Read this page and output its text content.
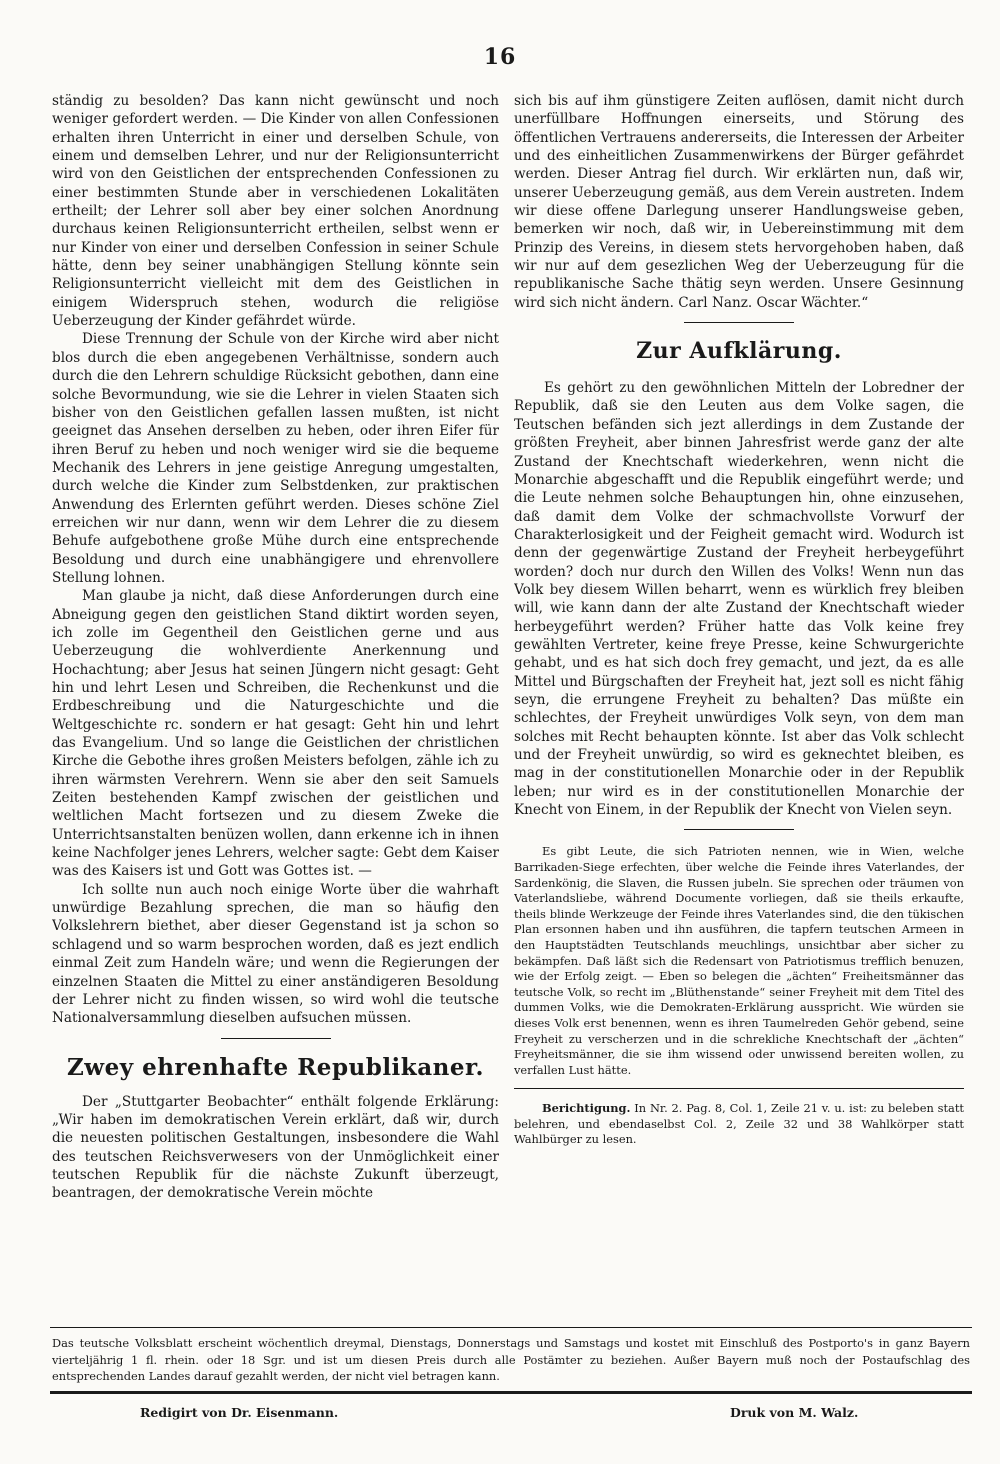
16

ständig zu besolden? Das kann nicht gewünscht und noch weniger gefordert werden. — Die Kinder von allen Confessionen erhalten ihren Unterricht in einer und derselben Schule, von einem und demselben Lehrer, und nur der Religionsunterricht wird von den Geistlichen der entsprechenden Confessionen zu einer bestimmten Stunde aber in verschiedenen Lokalitäten ertheilt; der Lehrer soll aber bey einer solchen Anordnung durchaus keinen Religionsunterricht ertheilen, selbst wenn er nur Kinder von einer und derselben Confession in seiner Schule hätte, denn bey seiner unabhängigen Stellung könnte sein Religionsunterricht vielleicht mit dem des Geistlichen in einigem Widerspruch stehen, wodurch die religiöse Ueberzeugung der Kinder gefährdet würde.

Diese Trennung der Schule von der Kirche wird aber nicht blos durch die eben angegebenen Verhältnisse, sondern auch durch die den Lehrern schuldige Rücksicht gebothen, dann eine solche Bevormundung, wie sie die Lehrer in vielen Staaten sich bisher von den Geistlichen gefallen lassen mußten, ist nicht geeignet das Ansehen derselben zu heben, oder ihren Eifer für ihren Beruf zu heben und noch weniger wird sie die bequeme Mechanik des Lehrers in jene geistige Anregung umgestalten, durch welche die Kinder zum Selbstdenken, zur praktischen Anwendung des Erlernten geführt werden. Dieses schöne Ziel erreichen wir nur dann, wenn wir dem Lehrer die zu diesem Behufe aufgebothene große Mühe durch eine entsprechende Besoldung und durch eine unabhängigere und ehrenvollere Stellung lohnen.

Man glaube ja nicht, daß diese Anforderungen durch eine Abneigung gegen den geistlichen Stand diktirt worden seyen, ich zolle im Gegentheil den Geistlichen gerne und aus Ueberzeugung die wohlverdiente Anerkennung und Hochachtung; aber Jesus hat seinen Jüngern nicht gesagt: Geht hin und lehrt Lesen und Schreiben, die Rechenkunst und die Erdbeschreibung und die Naturgeschichte und die Weltgeschichte rc. sondern er hat gesagt: Geht hin und lehrt das Evangelium. Und so lange die Geistlichen der christlichen Kirche die Gebothe ihres großen Meisters befolgen, zähle ich zu ihren wärmsten Verehrern. Wenn sie aber den seit Samuels Zeiten bestehenden Kampf zwischen der geistlichen und weltlichen Macht fortsezen und zu diesem Zweke die Unterrichtsanstalten benüzen wollen, dann erkenne ich in ihnen keine Nachfolger jenes Lehrers, welcher sagte: Gebt dem Kaiser was des Kaisers ist und Gott was Gottes ist. —

Ich sollte nun auch noch einige Worte über die wahrhaft unwürdige Bezahlung sprechen, die man so häufig den Volkslehrern biethet, aber dieser Gegenstand ist ja schon so schlagend und so warm besprochen worden, daß es jezt endlich einmal Zeit zum Handeln wäre; und wenn die Regierungen der einzelnen Staaten die Mittel zu einer anständigeren Besoldung der Lehrer nicht zu finden wissen, so wird wohl die teutsche Nationalversammlung dieselben aufsuchen müssen.

Zwey ehrenhafte Republikaner.

Der „Stuttgarter Beobachter“ enthält folgende Erklärung: „Wir haben im demokratischen Verein erklärt, daß wir, durch die neuesten politischen Gestaltungen, insbesondere die Wahl des teutschen Reichsverwesers von der Unmöglichkeit einer teutschen Republik für die nächste Zukunft überzeugt, beantragen, der demokratische Verein möchte

sich bis auf ihm günstigere Zeiten auflösen, damit nicht durch unerfüllbare Hoffnungen einerseits, und Störung des öffentlichen Vertrauens andererseits, die Interessen der Arbeiter und des einheitlichen Zusammenwirkens der Bürger gefährdet werden. Dieser Antrag fiel durch. Wir erklärten nun, daß wir, unserer Ueberzeugung gemäß, aus dem Verein austreten. Indem wir diese offene Darlegung unserer Handlungsweise geben, bemerken wir noch, daß wir, in Uebereinstimmung mit dem Prinzip des Vereins, in diesem stets hervorgehoben haben, daß wir nur auf dem gesezlichen Weg der Ueberzeugung für die republikanische Sache thätig seyn werden. Unsere Gesinnung wird sich nicht ändern. Carl Nanz. Oscar Wächter.“

Zur Aufklärung.

Es gehört zu den gewöhnlichen Mitteln der Lobredner der Republik, daß sie den Leuten aus dem Volke sagen, die Teutschen befänden sich jezt allerdings in dem Zustande der größten Freyheit, aber binnen Jahresfrist werde ganz der alte Zustand der Knechtschaft wiederkehren, wenn nicht die Monarchie abgeschafft und die Republik eingeführt werde; und die Leute nehmen solche Behauptungen hin, ohne einzusehen, daß damit dem Volke der schmachvollste Vorwurf der Charakterlosigkeit und der Feigheit gemacht wird. Wodurch ist denn der gegenwärtige Zustand der Freyheit herbeygeführt worden? doch nur durch den Willen des Volks! Wenn nun das Volk bey diesem Willen beharrt, wenn es würklich frey bleiben will, wie kann dann der alte Zustand der Knechtschaft wieder herbeygeführt werden? Früher hatte das Volk keine frey gewählten Vertreter, keine freye Presse, keine Schwurgerichte gehabt, und es hat sich doch frey gemacht, und jezt, da es alle Mittel und Bürgschaften der Freyheit hat, jezt soll es nicht fähig seyn, die errungene Freyheit zu behalten? Das müßte ein schlechtes, der Freyheit unwürdiges Volk seyn, von dem man solches mit Recht behaupten könnte. Ist aber das Volk schlecht und der Freyheit unwürdig, so wird es geknechtet bleiben, es mag in der constitutionellen Monarchie oder in der Republik leben; nur wird es in der constitutionellen Monarchie der Knecht von Einem, in der Republik der Knecht von Vielen seyn.

Es gibt Leute, die sich Patrioten nennen, wie in Wien, welche Barrikaden-Siege erfechten, über welche die Feinde ihres Vaterlandes, der Sardenkönig, die Slaven, die Russen jubeln. Sie sprechen oder träumen von Vaterlandsliebe, während Documente vorliegen, daß sie theils erkaufte, theils blinde Werkzeuge der Feinde ihres Vaterlandes sind, die den tükischen Plan ersonnen haben und ihn ausführen, die tapfern teutschen Armeen in den Hauptstädten Teutschlands meuchlings, unsichtbar aber sicher zu bekämpfen. Daß läßt sich die Redensart von Patriotismus trefflich benuzen, wie der Erfolg zeigt. — Eben so belegen die „ächten“ Freiheitsmänner das teutsche Volk, so recht im „Blüthenstande“ seiner Freyheit mit dem Titel des dummen Volks, wie die Demokraten-Erklärung ausspricht. Wie würden sie dieses Volk erst benennen, wenn es ihren Taumelreden Gehör gebend, seine Freyheit zu verscherzen und in die schrekliche Knechtschaft der „ächten“ Freyheitsmänner, die sie ihm wissend oder unwissend bereiten wollen, zu verfallen Lust hätte.

Berichtigung. In Nr. 2. Pag. 8, Col. 1, Zeile 21 v. u. ist: zu beleben statt belehren, und ebendaselbst Col. 2, Zeile 32 und 38 Wahlkörper statt Wahlbürger zu lesen.
Das teutsche Volksblatt erscheint wöchentlich dreymal, Dienstags, Donnerstags und Samstags und kostet mit Einschluß des Postporto's in ganz Bayern vierteljährig 1 fl. rhein. oder 18 Sgr. und ist um diesen Preis durch alle Postämter zu beziehen. Außer Bayern muß noch der Postaufschlag des entsprechenden Landes darauf gezahlt werden, der nicht viel betragen kann.
Redigirt von Dr. Eisenmann.	Druk von M. Walz.
